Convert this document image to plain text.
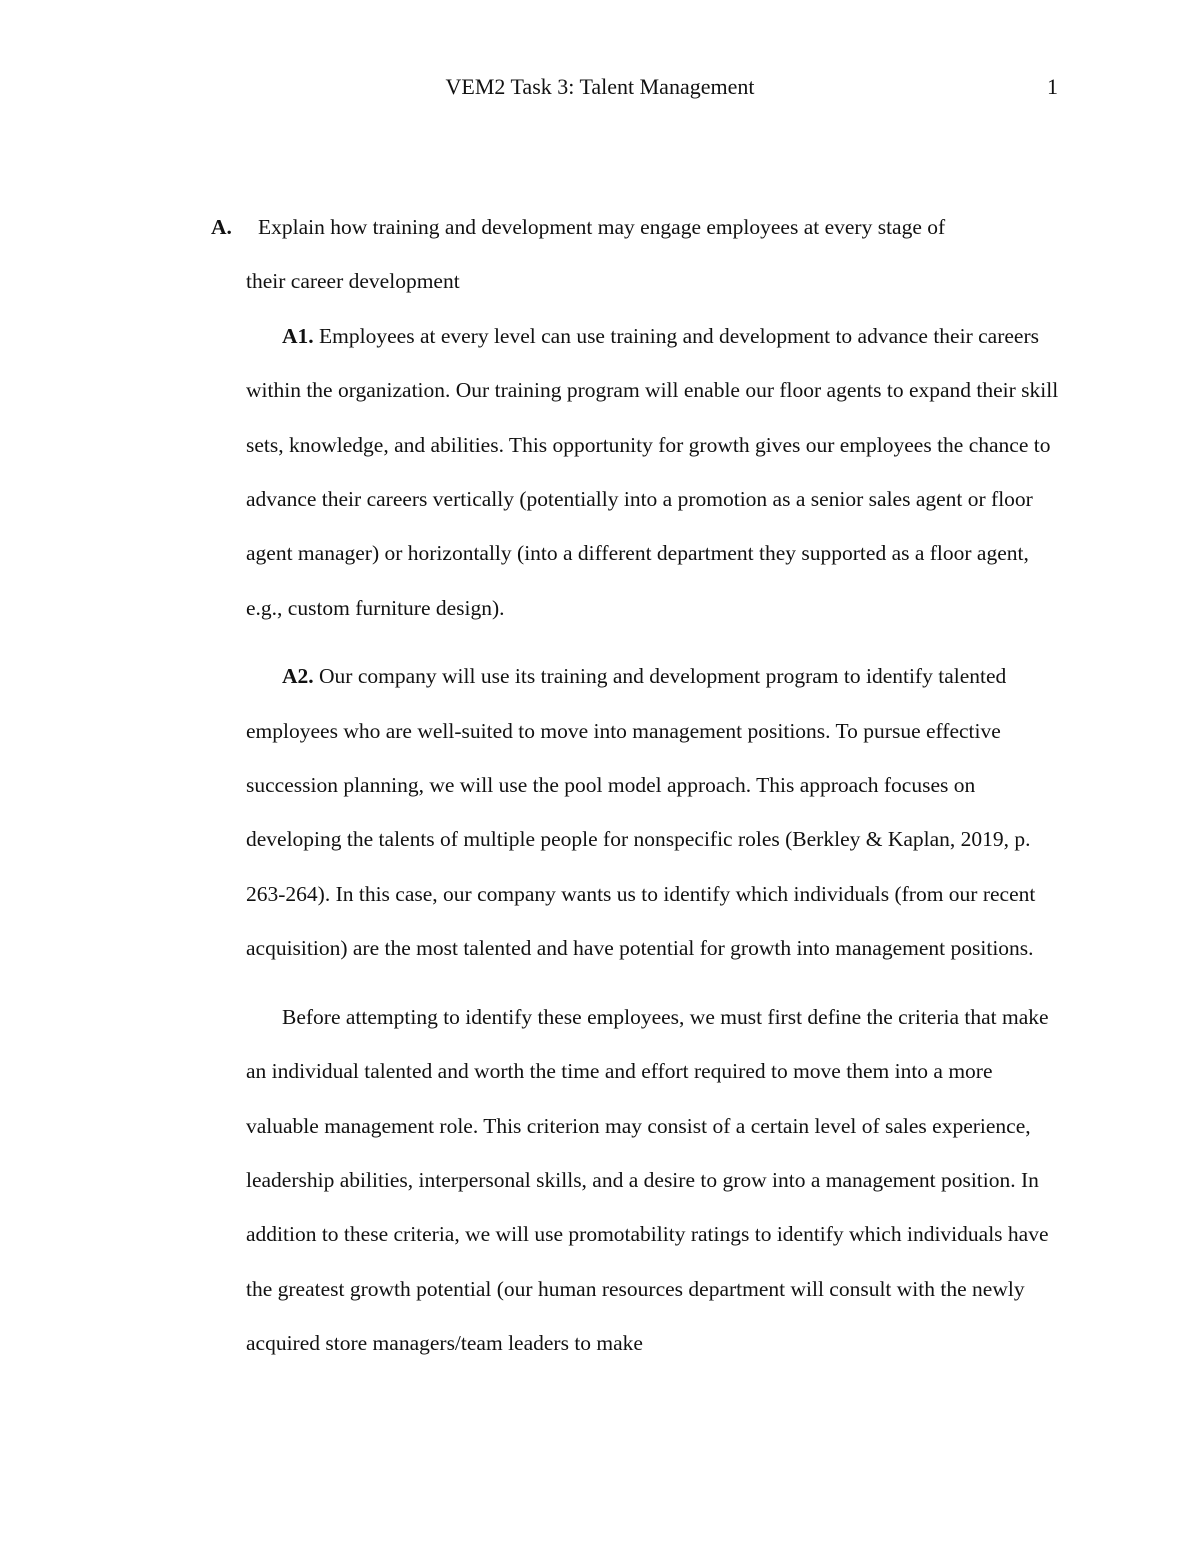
VEM2 Task 3: Talent Management	1
A.	Explain how training and development may engage employees at every stage of
their career development

A1. Employees at every level can use training and development to advance their careers within the organization. Our training program will enable our floor agents to expand their skill sets, knowledge, and abilities. This opportunity for growth gives our employees the chance to advance their careers vertically (potentially into a promotion as a senior sales agent or floor agent manager) or horizontally (into a different department they supported as a floor agent, e.g., custom furniture design).

A2. Our company will use its training and development program to identify talented employees who are well-suited to move into management positions. To pursue effective succession planning, we will use the pool model approach. This approach focuses on developing the talents of multiple people for nonspecific roles (Berkley & Kaplan, 2019, p. 263-264). In this case, our company wants us to identify which individuals (from our recent acquisition) are the most talented and have potential for growth into management positions.

Before attempting to identify these employees, we must first define the criteria that make an individual talented and worth the time and effort required to move them into a more valuable management role. This criterion may consist of a certain level of sales experience, leadership abilities, interpersonal skills, and a desire to grow into a management position. In addition to these criteria, we will use promotability ratings to identify which individuals have the greatest growth potential (our human resources department will consult with the newly acquired store managers/team leaders to make
